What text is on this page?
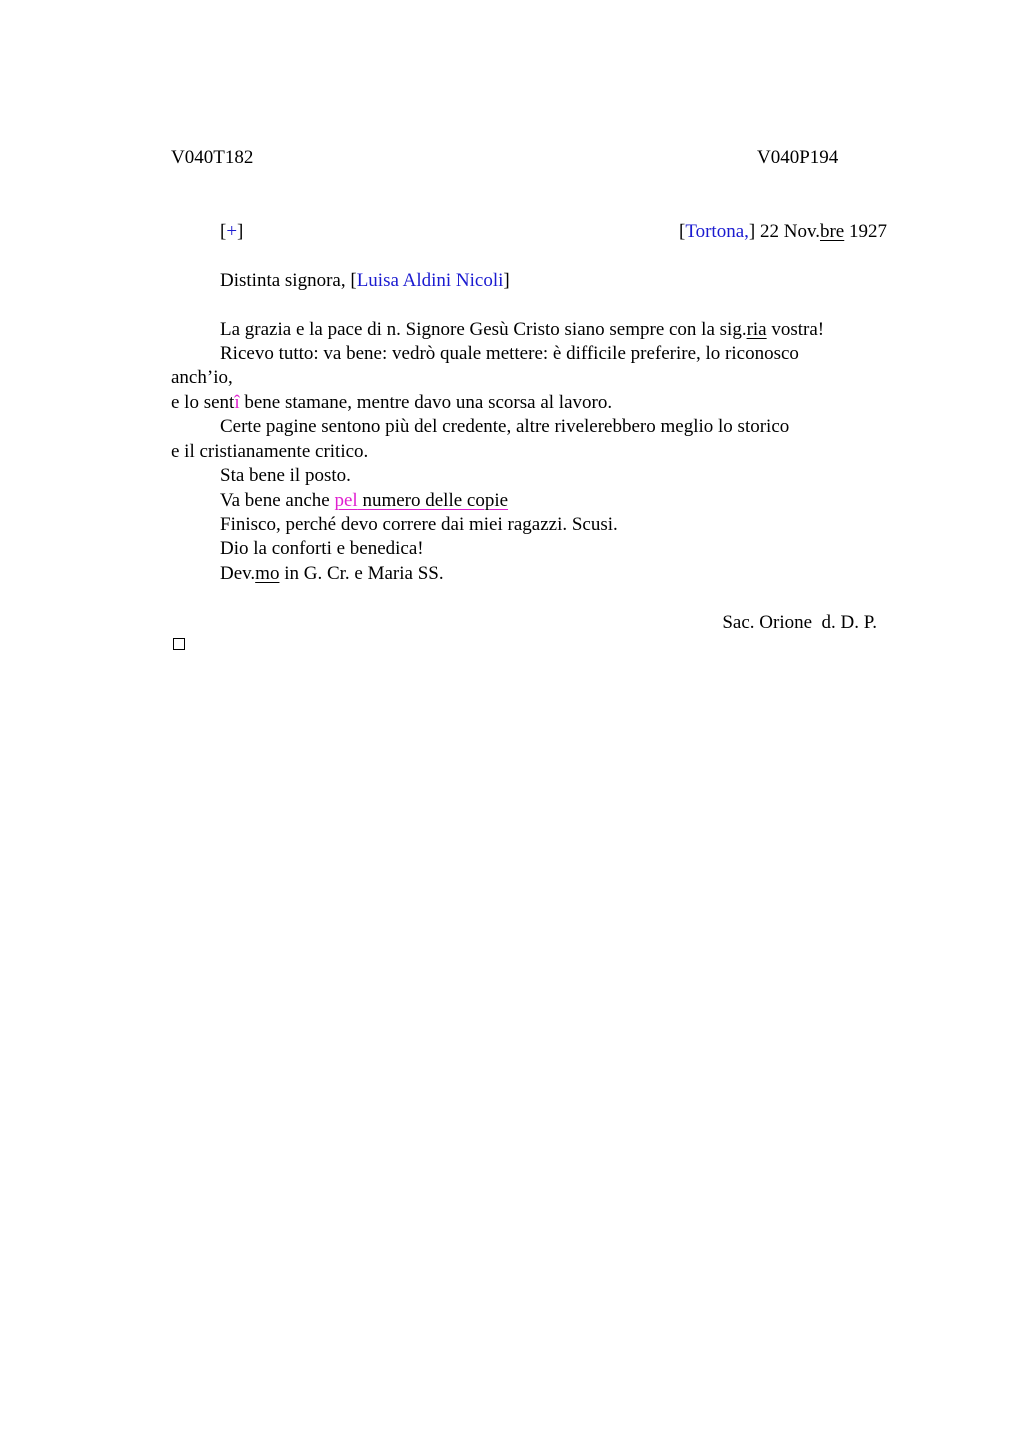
V040T182	V040P194
[+]	[Tortona,] 22 Nov.bre 1927
Distinta signora, [Luisa Aldini Nicoli]
La grazia e la pace di n. Signore Gesù Cristo siano sempre con la sig.ria vostra!
Ricevo tutto: va bene: vedrò quale mettere: è difficile preferire, lo riconosco
anch’io,
e lo sentî bene stamane, mentre davo una scorsa al lavoro.
Certe pagine sentono più del credente, altre rivelerebbero meglio lo storico
e il cristianamente critico.
Sta bene il posto.
Va bene anche pel numero delle copie
Finisco, perché devo correre dai miei ragazzi. Scusi.
Dio la conforti e benedica!
Dev.mo in G. Cr. e Maria SS.
Sac. Orione  d. D. P.
